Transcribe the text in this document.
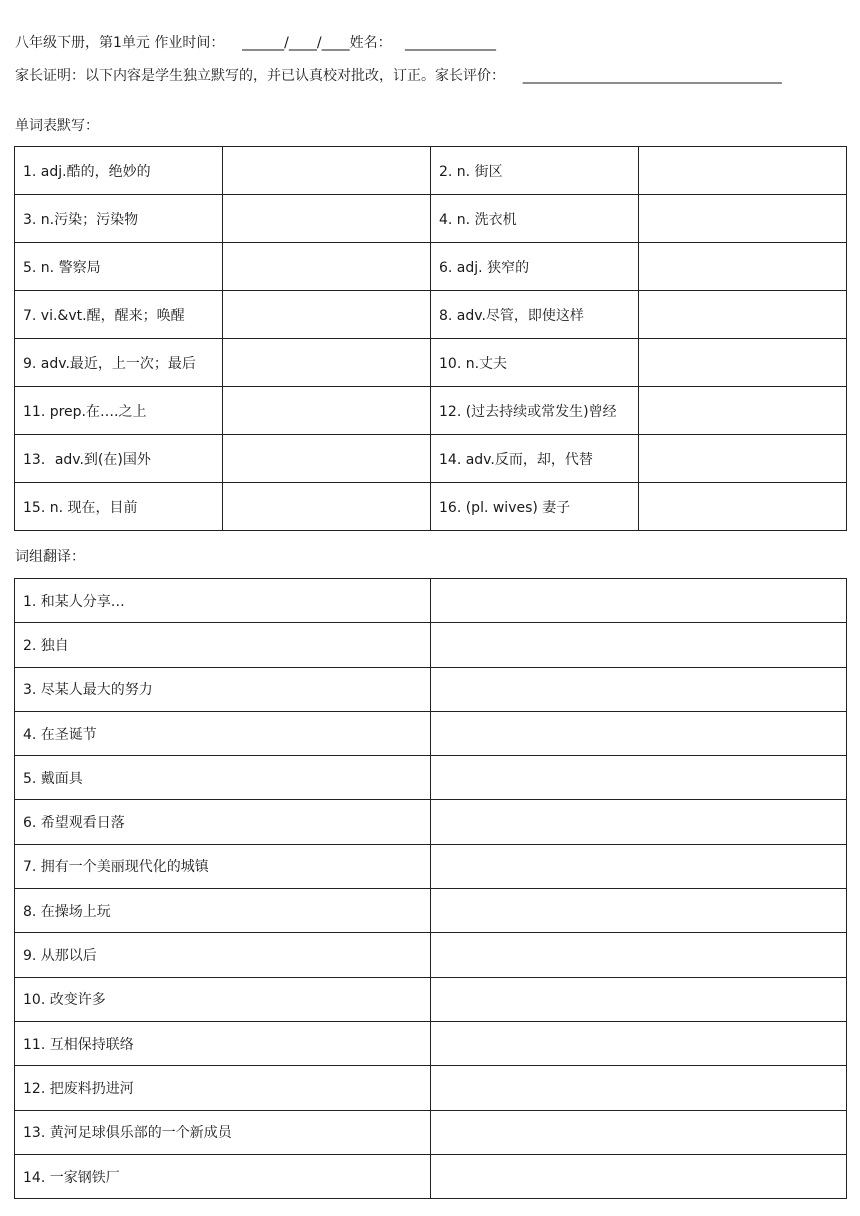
八年级下册，第1单元 作业时间：    ______/____/____姓名：   _____________
家长证明：以下内容是学生独立默写的，并已认真校对批改，订正。家长评价：    _____________________________________
单词表默写：
1. adj.酷的，绝妙的		2. n. 街区	
3. n.污染；污染物		4. n. 洗衣机	
5. n. 警察局		6. adj. 狭窄的	
7. vi.&vt.醒，醒来；唤醒		8. adv.尽管，即使这样	
9. adv.最近，上一次；最后		10. n.丈夫	
11. prep.在….之上		12. (过去持续或常发生)曾经	
13．adv.到(在)国外		14. adv.反而，却，代替	
15. n. 现在，目前		16. (pl. wives) 妻子	
词组翻译：
1. 和某人分享…	
2. 独自	
3. 尽某人最大的努力	
4. 在圣诞节	
5. 戴面具	
6. 希望观看日落	
7. 拥有一个美丽现代化的城镇	
8. 在操场上玩	
9. 从那以后	
10. 改变许多	
11. 互相保持联络	
12. 把废料扔进河	
13. 黄河足球俱乐部的一个新成员	
14. 一家钢铁厂	
